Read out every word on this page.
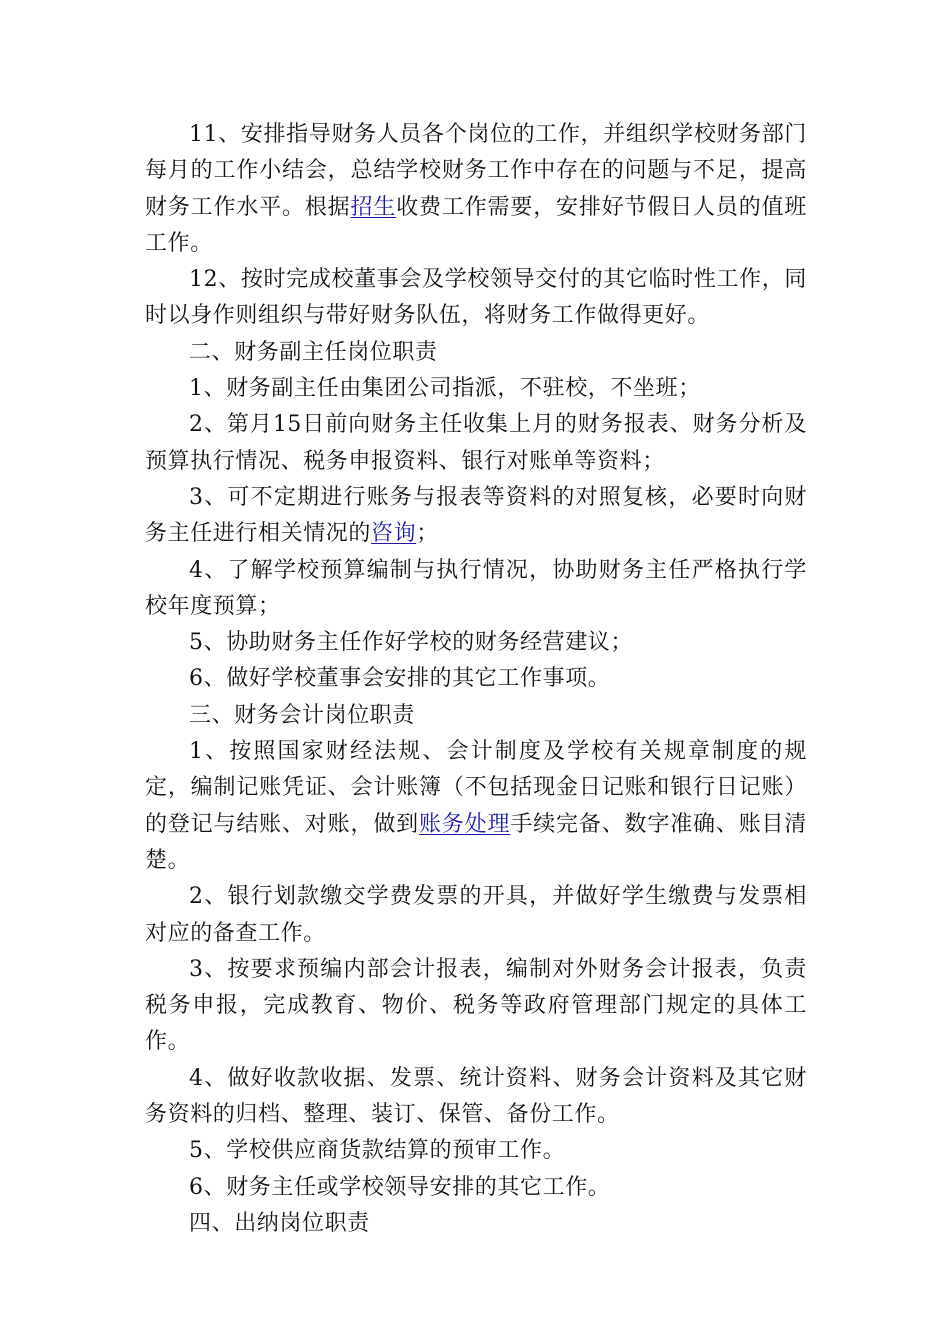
11、安排指导财务人员各个岗位的工作，并组织学校财务部门每月的工作小结会，总结学校财务工作中存在的问题与不足，提高财务工作水平。根据招生收费工作需要，安排好节假日人员的值班工作。

12、按时完成校董事会及学校领导交付的其它临时性工作，同时以身作则组织与带好财务队伍，将财务工作做得更好。

二、财务副主任岗位职责

1、财务副主任由集团公司指派，不驻校，不坐班；

2、第月15日前向财务主任收集上月的财务报表、财务分析及预算执行情况、税务申报资料、银行对账单等资料；

3、可不定期进行账务与报表等资料的对照复核，必要时向财务主任进行相关情况的咨询；

4、了解学校预算编制与执行情况，协助财务主任严格执行学校年度预算；

5、协助财务主任作好学校的财务经营建议；

6、做好学校董事会安排的其它工作事项。

三、财务会计岗位职责

1、按照国家财经法规、会计制度及学校有关规章制度的规定，编制记账凭证、会计账簿（不包括现金日记账和银行日记账）的登记与结账、对账，做到账务处理手续完备、数字准确、账目清楚。

2、银行划款缴交学费发票的开具，并做好学生缴费与发票相对应的备查工作。

3、按要求预编内部会计报表，编制对外财务会计报表，负责税务申报，完成教育、物价、税务等政府管理部门规定的具体工作。

4、做好收款收据、发票、统计资料、财务会计资料及其它财务资料的归档、整理、装订、保管、备份工作。

5、学校供应商货款结算的预审工作。

6、财务主任或学校领导安排的其它工作。

四、出纳岗位职责
